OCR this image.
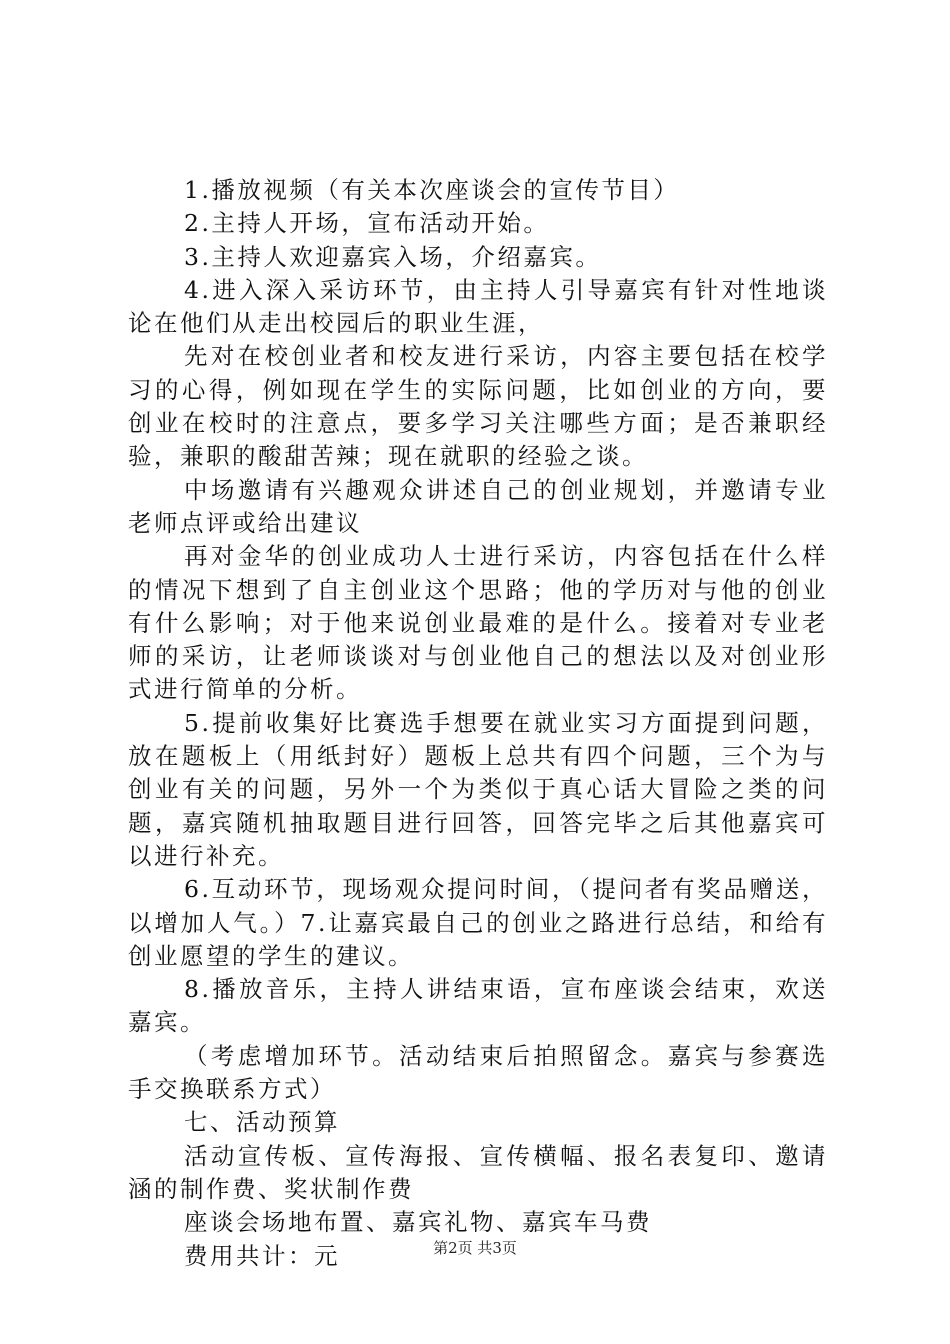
1.播放视频（有关本次座谈会的宣传节目）

2.主持人开场，宣布活动开始。

3.主持人欢迎嘉宾入场，介绍嘉宾。

4.进入深入采访环节，由主持人引导嘉宾有针对性地谈论在他们从走出校园后的职业生涯，

先对在校创业者和校友进行采访，内容主要包括在校学习的心得，例如现在学生的实际问题，比如创业的方向，要创业在校时的注意点，要多学习关注哪些方面；是否兼职经验，兼职的酸甜苦辣；现在就职的经验之谈。

中场邀请有兴趣观众讲述自己的创业规划，并邀请专业老师点评或给出建议

再对金华的创业成功人士进行采访，内容包括在什么样的情况下想到了自主创业这个思路；他的学历对与他的创业有什么影响；对于他来说创业最难的是什么。接着对专业老师的采访，让老师谈谈对与创业他自己的想法以及对创业形式进行简单的分析。

5.提前收集好比赛选手想要在就业实习方面提到问题，放在题板上（用纸封好）题板上总共有四个问题，三个为与创业有关的问题，另外一个为类似于真心话大冒险之类的问题，嘉宾随机抽取题目进行回答，回答完毕之后其他嘉宾可以进行补充。

6.互动环节，现场观众提问时间，（提问者有奖品赠送，以增加人气。）7.让嘉宾最自己的创业之路进行总结，和给有创业愿望的学生的建议。

8.播放音乐，主持人讲结束语，宣布座谈会结束，欢送嘉宾。

（考虑增加环节。活动结束后拍照留念。嘉宾与参赛选手交换联系方式）

七、活动预算

活动宣传板、宣传海报、宣传横幅、报名表复印、邀请涵的制作费、奖状制作费

座谈会场地布置、嘉宾礼物、嘉宾车马费

费用共计：元	第2页 共3页
